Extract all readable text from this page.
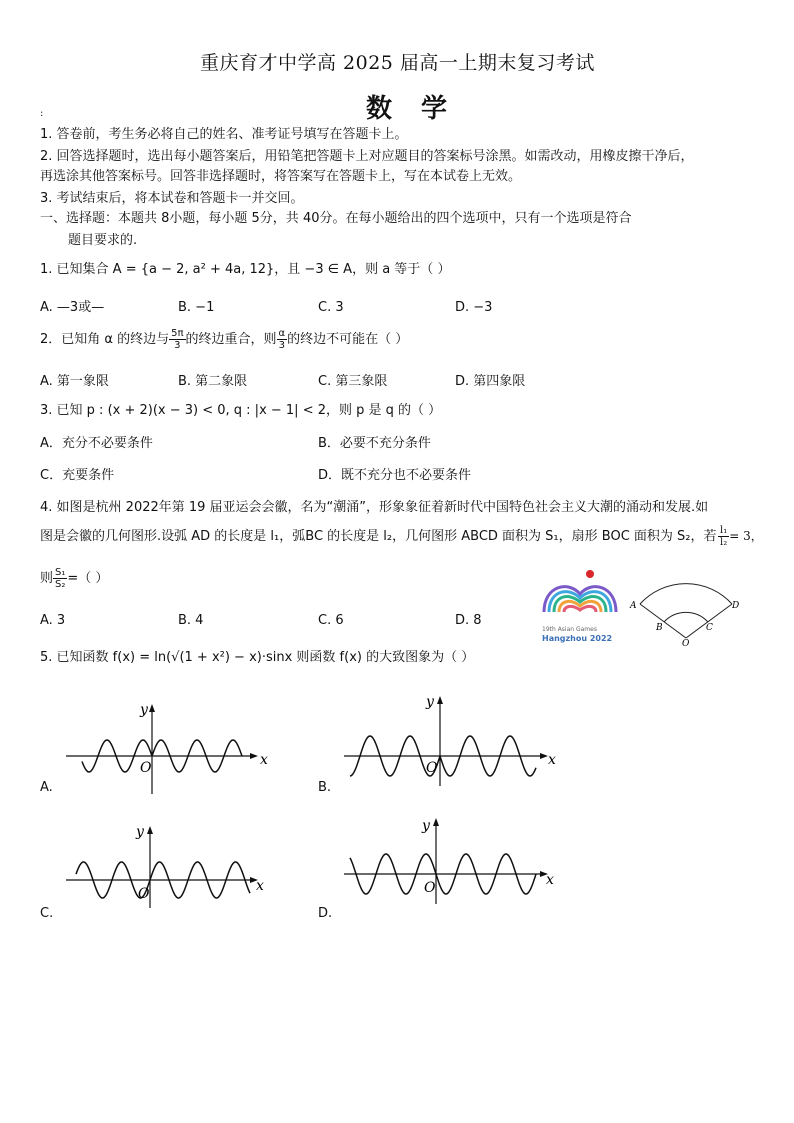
重庆育才中学高 2025 届高一上期末复习考试
数 学
:
1. 答卷前，考生务必将自己的姓名、准考证号填写在答题卡上。
2. 回答选择题时，选出每小题答案后，用铅笔把答题卡上对应题目的答案标号涂黑。如需改动，用橡皮擦干净后，
再选涂其他答案标号。回答非选择题时，将答案写在答题卡上，写在本试卷上无效。
3. 考试结束后，将本试卷和答题卡一并交回。
一、选择题：本题共 8小题，每小题 5分，共 40分。在每小题给出的四个选项中，只有一个选项是符合
题目要求的.
1. 已知集合 A = {a − 2, a² + 4a, 12}，且 −3 ∈ A，则 a 等于（ ）
A. —3或—	B. −1	C. 3	D. −3
2．已知角 α 的终边与 $\frac{5\pi}{3}$ 的终边重合，则 $\frac{\alpha}{3}$ 的终边不可能在（ ）
A. 第一象限	B. 第二象限	C. 第三象限	D. 第四象限
3. 已知 p : (x + 2)(x − 3) < 0, q : |x − 1| < 2，则 p 是 q 的（ ）
A．充分不必要条件	B．必要不充分条件
C．充要条件	D．既不充分也不必要条件
4. 如图是杭州 2022年第 19 届亚运会会徽，名为“潮涌”，形象象征着新时代中国特色社会主义大潮的涌动和发展.如
图是会徽的几何图形.设弧 AD 的长度是 l₁，弧BC 的长度是 l₂，几何图形 ABCD 面积为 S₁，扇形 BOC 面积为 S₂，若 $\frac{\text{l₁}}{\text{l₂}} = 3$，
则 $\frac{\text{S₁}}{\text{S₂}}$ =（ ）
A. 3	B. 4	C. 6	D. 8
19th Asian Games
Hangzhou 2022
A
B	C
D
O
5. 已知函数 f(x) = ln(√(1 + x²) − x)·sinx 则函数 f(x) 的大致图象为（ ）
x
y
O
A.
x
y
O
B.
x
y
O
C.
x
y
O
D.
